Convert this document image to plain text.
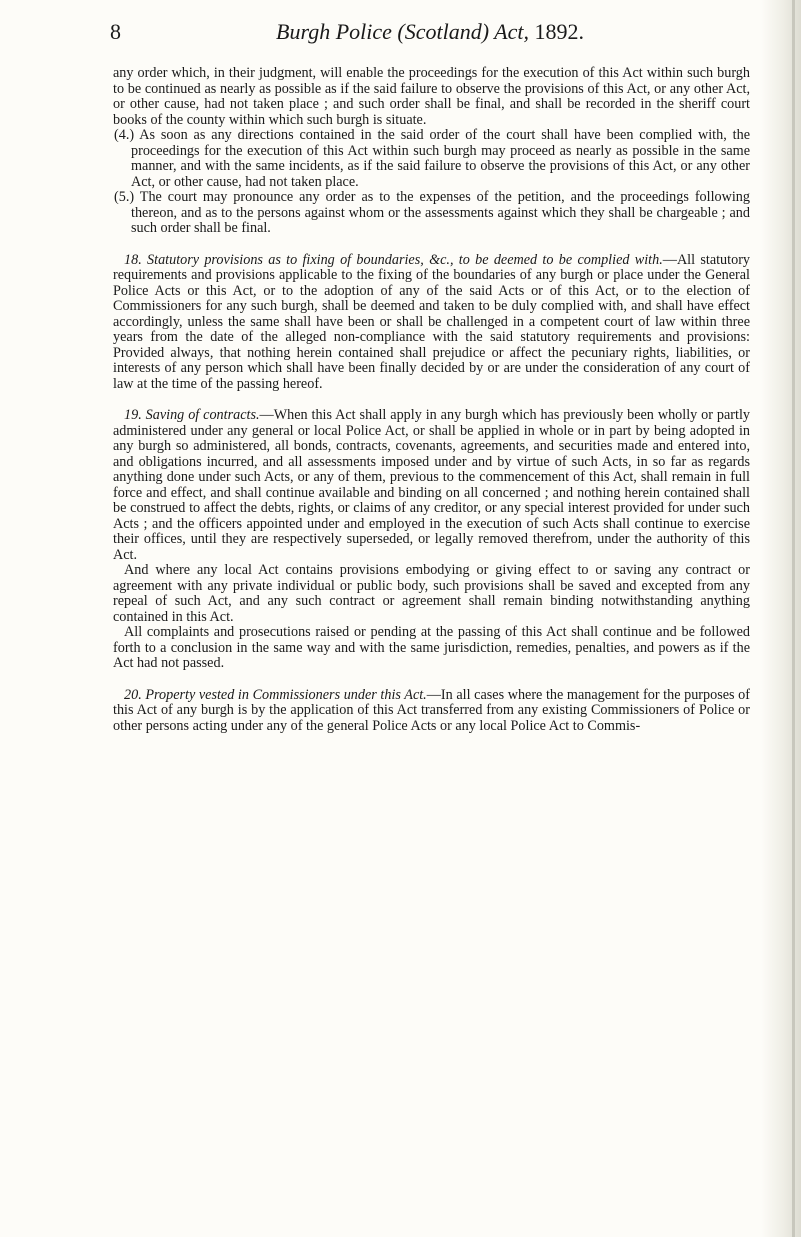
8	Burgh Police (Scotland) Act, 1892.

any order which, in their judgment, will enable the proceedings for the execution of this Act within such burgh to be continued as nearly as possible as if the said failure to observe the provisions of this Act, or any other Act, or other cause, had not taken place ; and such order shall be final, and shall be recorded in the sheriff court books of the county within which such burgh is situate.

(4.) As soon as any directions contained in the said order of the court shall have been complied with, the proceedings for the execution of this Act within such burgh may proceed as nearly as possible in the same manner, and with the same incidents, as if the said failure to observe the provisions of this Act, or any other Act, or other cause, had not taken place.

(5.) The court may pronounce any order as to the expenses of the petition, and the proceedings following thereon, and as to the persons against whom or the assessments against which they shall be chargeable ; and such order shall be final.

18. Statutory provisions as to fixing of boundaries, &c., to be deemed to be complied with.—All statutory requirements and provisions applicable to the fixing of the boundaries of any burgh or place under the General Police Acts or this Act, or to the adoption of any of the said Acts or of this Act, or to the election of Commissioners for any such burgh, shall be deemed and taken to be duly complied with, and shall have effect accordingly, unless the same shall have been or shall be challenged in a competent court of law within three years from the date of the alleged non-compliance with the said statutory requirements and provisions: Provided always, that nothing herein contained shall prejudice or affect the pecuniary rights, liabilities, or interests of any person which shall have been finally decided by or are under the consideration of any court of law at the time of the passing hereof.

19. Saving of contracts.—When this Act shall apply in any burgh which has previously been wholly or partly administered under any general or local Police Act, or shall be applied in whole or in part by being adopted in any burgh so administered, all bonds, contracts, covenants, agreements, and securities made and entered into, and obligations incurred, and all assessments imposed under and by virtue of such Acts, in so far as regards anything done under such Acts, or any of them, previous to the commencement of this Act, shall remain in full force and effect, and shall continue available and binding on all concerned ; and nothing herein contained shall be construed to affect the debts, rights, or claims of any creditor, or any special interest provided for under such Acts ; and the officers appointed under and employed in the execution of such Acts shall continue to exercise their offices, until they are respectively superseded, or legally removed therefrom, under the authority of this Act.

And where any local Act contains provisions embodying or giving effect to or saving any contract or agreement with any private individual or public body, such provisions shall be saved and excepted from any repeal of such Act, and any such contract or agreement shall remain binding notwithstanding anything contained in this Act.

All complaints and prosecutions raised or pending at the passing of this Act shall continue and be followed forth to a conclusion in the same way and with the same jurisdiction, remedies, penalties, and powers as if the Act had not passed.

20. Property vested in Commissioners under this Act.—In all cases where the management for the purposes of this Act of any burgh is by the application of this Act transferred from any existing Commissioners of Police or other persons acting under any of the general Police Acts or any local Police Act to Commis-
